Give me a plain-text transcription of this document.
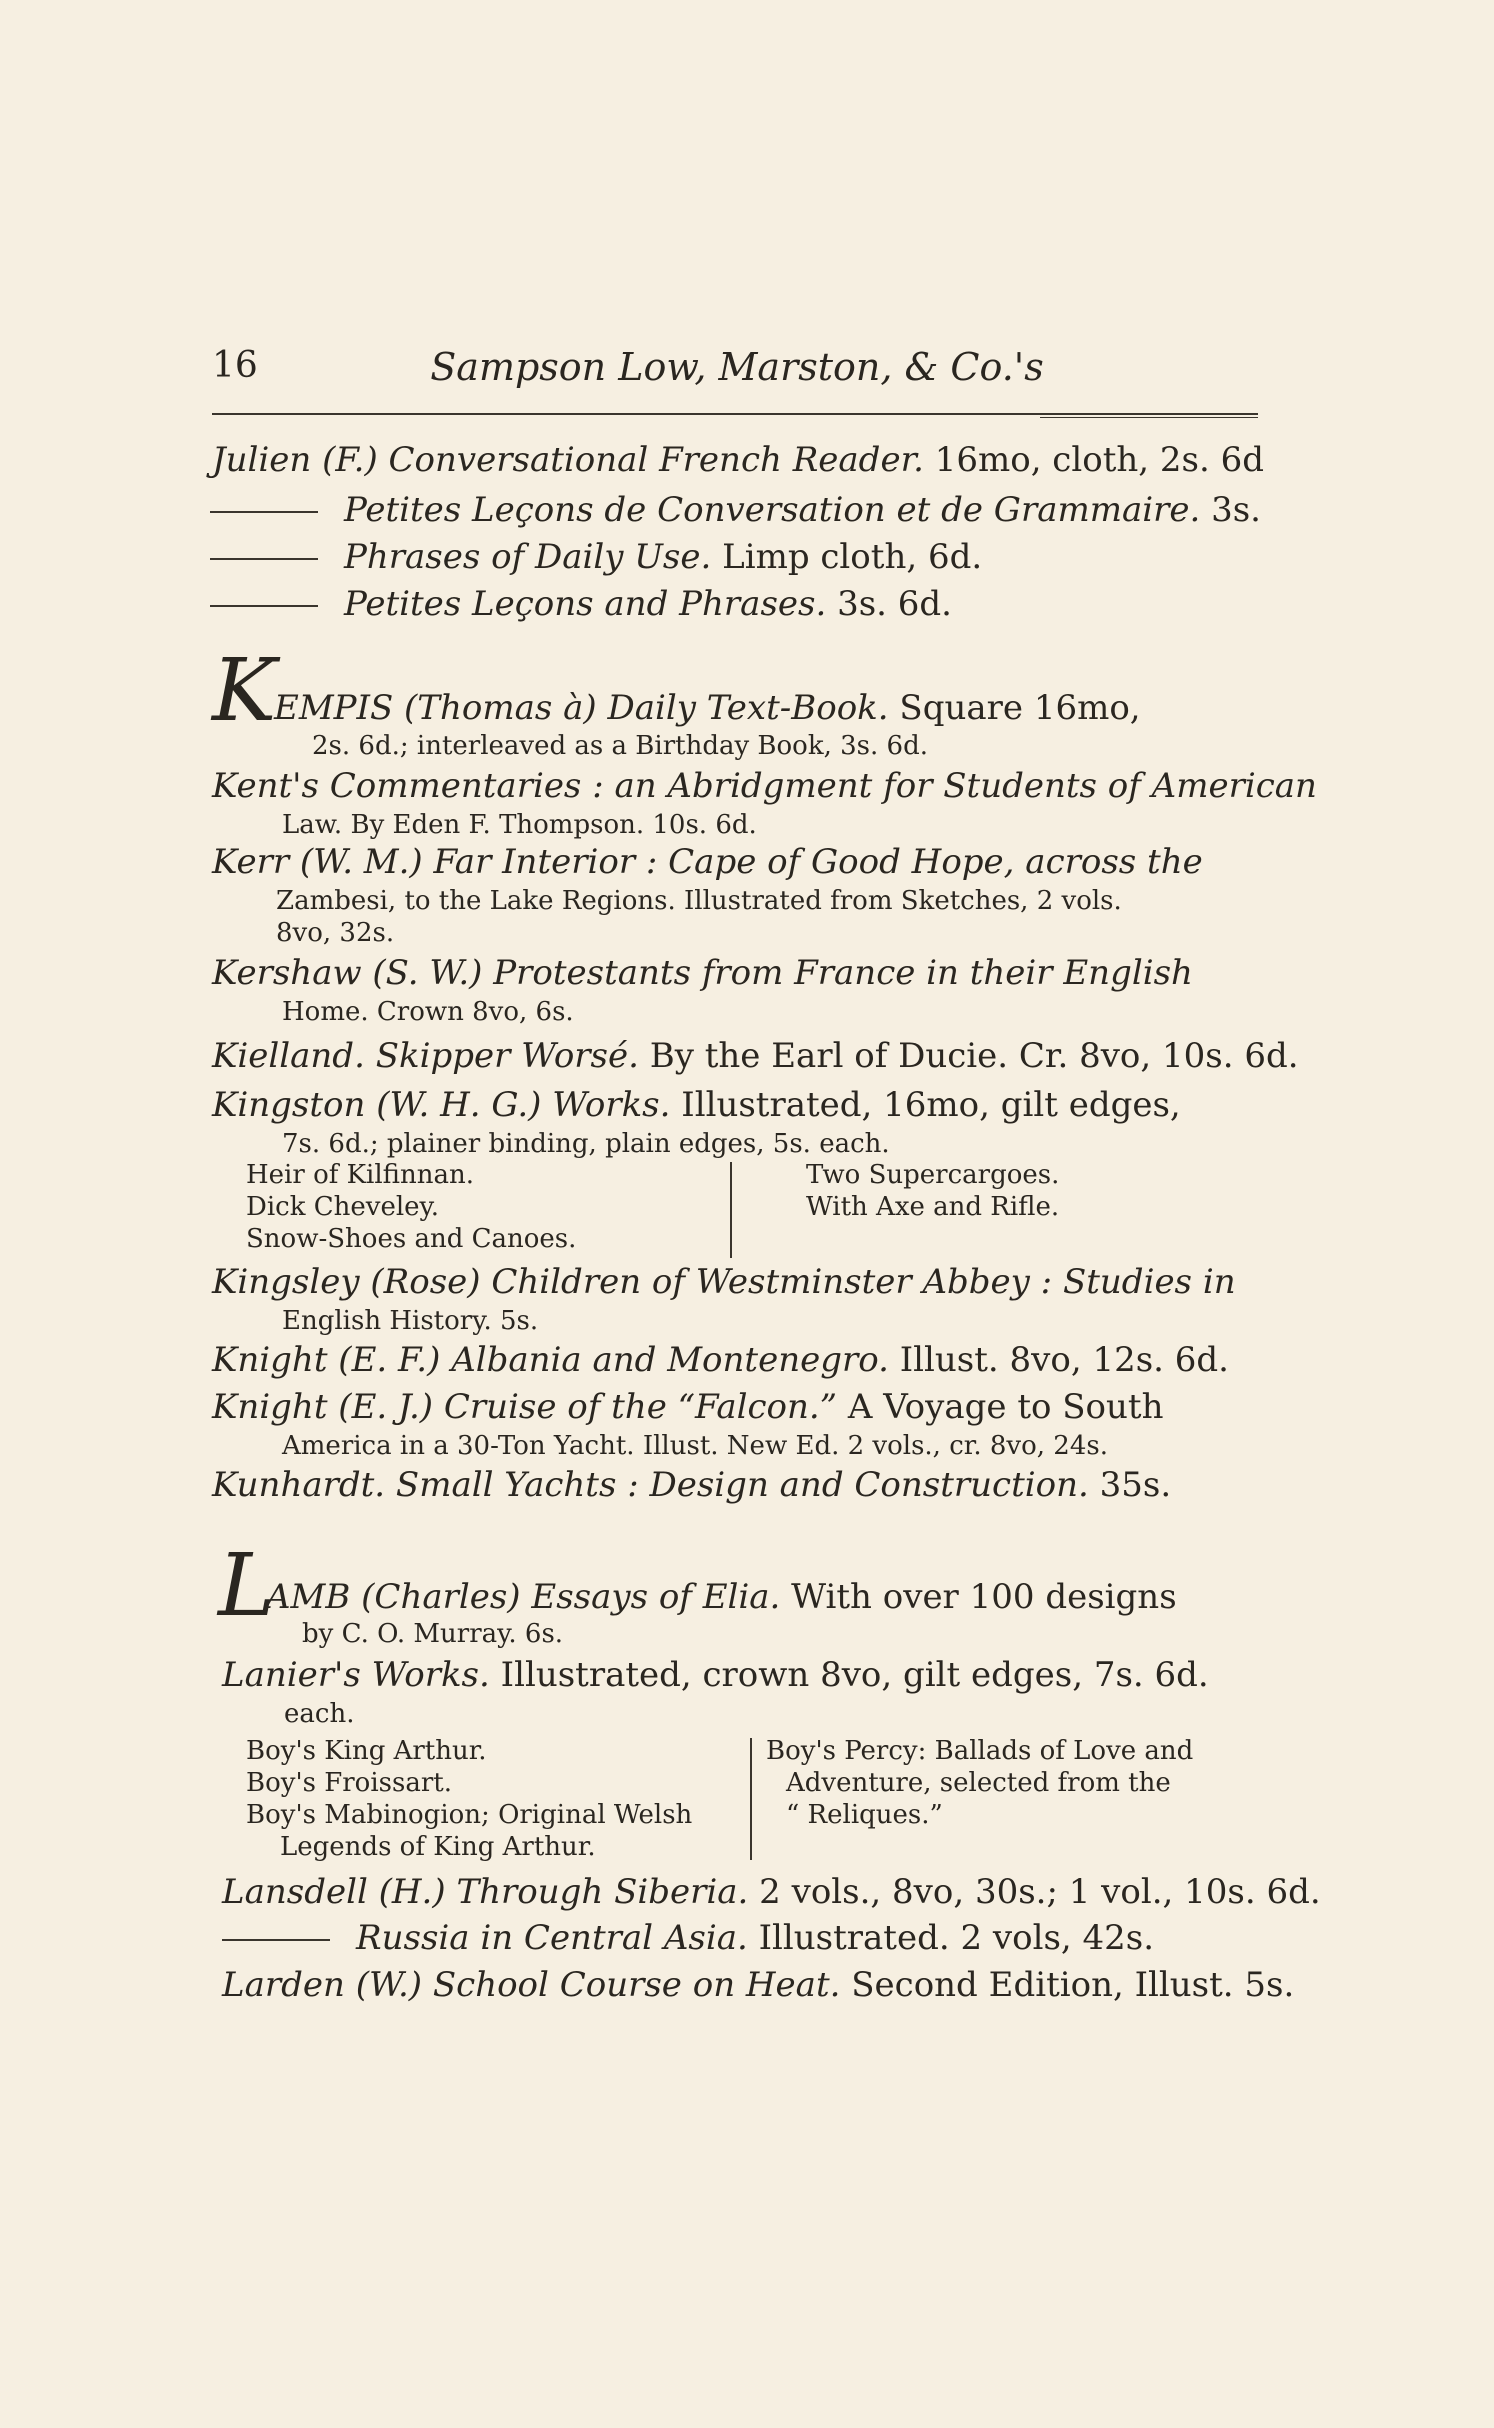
16	Sampson Low, Marston, & Co.'s
Julien (F.) Conversational French Reader. 16mo, cloth, 2s. 6d
Petites Leçons de Conversation et de Grammaire. 3s.
Phrases of Daily Use. Limp cloth, 6d.
Petites Leçons and Phrases. 3s. 6d.
K
EMPIS (Thomas à) Daily Text-Book. Square 16mo,
2s. 6d.; interleaved as a Birthday Book, 3s. 6d.
Kent's Commentaries : an Abridgment for Students of American
Law. By Eden F. Thompson. 10s. 6d.
Kerr (W. M.) Far Interior : Cape of Good Hope, across the
Zambesi, to the Lake Regions. Illustrated from Sketches, 2 vols.
8vo, 32s.
Kershaw (S. W.) Protestants from France in their English
Home. Crown 8vo, 6s.
Kielland. Skipper Worsé. By the Earl of Ducie. Cr. 8vo, 10s. 6d.
Kingston (W. H. G.) Works. Illustrated, 16mo, gilt edges,
7s. 6d.; plainer binding, plain edges, 5s. each.
Heir of Kilfinnan.
Dick Cheveley.
Snow-Shoes and Canoes.
Two Supercargoes.
With Axe and Rifle.
Kingsley (Rose) Children of Westminster Abbey : Studies in
English History. 5s.
Knight (E. F.) Albania and Montenegro. Illust. 8vo, 12s. 6d.
Knight (E. J.) Cruise of the “Falcon.” A Voyage to South
America in a 30-Ton Yacht. Illust. New Ed. 2 vols., cr. 8vo, 24s.
Kunhardt. Small Yachts : Design and Construction. 35s.
L
AMB (Charles) Essays of Elia. With over 100 designs
by C. O. Murray. 6s.
Lanier's Works. Illustrated, crown 8vo, gilt edges, 7s. 6d.
each.
Boy's King Arthur.
Boy's Froissart.
Boy's Mabinogion; Original Welsh
Legends of King Arthur.
Boy's Percy: Ballads of Love and
Adventure, selected from the
“ Reliques.”
Lansdell (H.) Through Siberia. 2 vols., 8vo, 30s.; 1 vol., 10s. 6d.
Russia in Central Asia. Illustrated. 2 vols, 42s.
Larden (W.) School Course on Heat. Second Edition, Illust. 5s.
